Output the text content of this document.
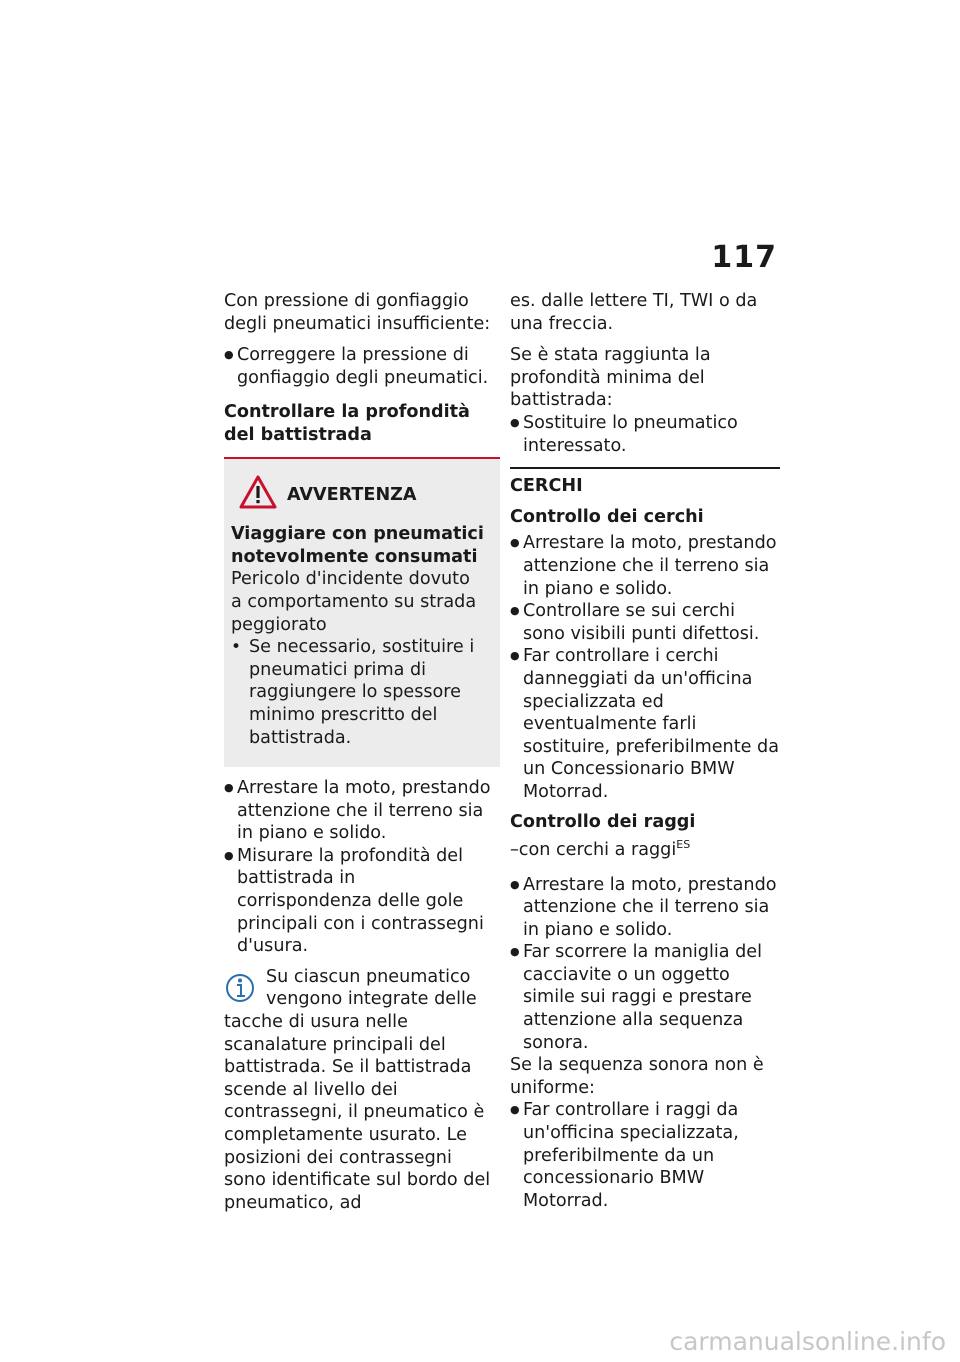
117

Con pressione di gonfiaggio degli pneumatici insufficiente:

● Correggere la pressione di gonfiaggio degli pneumatici.

Controllare la profondità del battistrada

AVVERTENZA

Viaggiare con pneumatici notevolmente consumati

Pericolo d'incidente dovuto a comportamento su strada peggiorato

• Se necessario, sostituire i pneumatici prima di raggiungere lo spessore minimo prescritto del battistrada.
● Arrestare la moto, prestando attenzione che il terreno sia in piano e solido.
● Misurare la profondità del battistrada in corrispondenza delle gole principali con i contrassegni d'usura.
Su ciascun pneumatico vengono integrate delle tacche di usura nelle scanalature principali del battistrada. Se il battistrada scende al livello dei contrassegni, il pneumatico è completamente usurato. Le posizioni dei contrassegni sono identificate sul bordo del pneumatico, ad

es. dalle lettere TI, TWI o da una freccia.

Se è stata raggiunta la profondità minima del battistrada:

● Sostituire lo pneumatico interessato.
CERCHI

Controllo dei cerchi

● Arrestare la moto, prestando attenzione che il terreno sia in piano e solido.
● Controllare se sui cerchi sono visibili punti difettosi.
● Far controllare i cerchi danneggiati da un'officina specializzata ed eventualmente farli sostituire, preferibilmente da un Concessionario BMW Motorrad.

Controllo dei raggi

–con cerchi a raggi$^{ES}$

● Arrestare la moto, prestando attenzione che il terreno sia in piano e solido.
● Far scorrere la maniglia del cacciavite o un oggetto simile sui raggi e prestare attenzione alla sequenza sonora.

Se la sequenza sonora non è uniforme:

● Far controllare i raggi da un'officina specializzata, preferibilmente da un concessionario BMW Motorrad.
carmanualsonline.info
